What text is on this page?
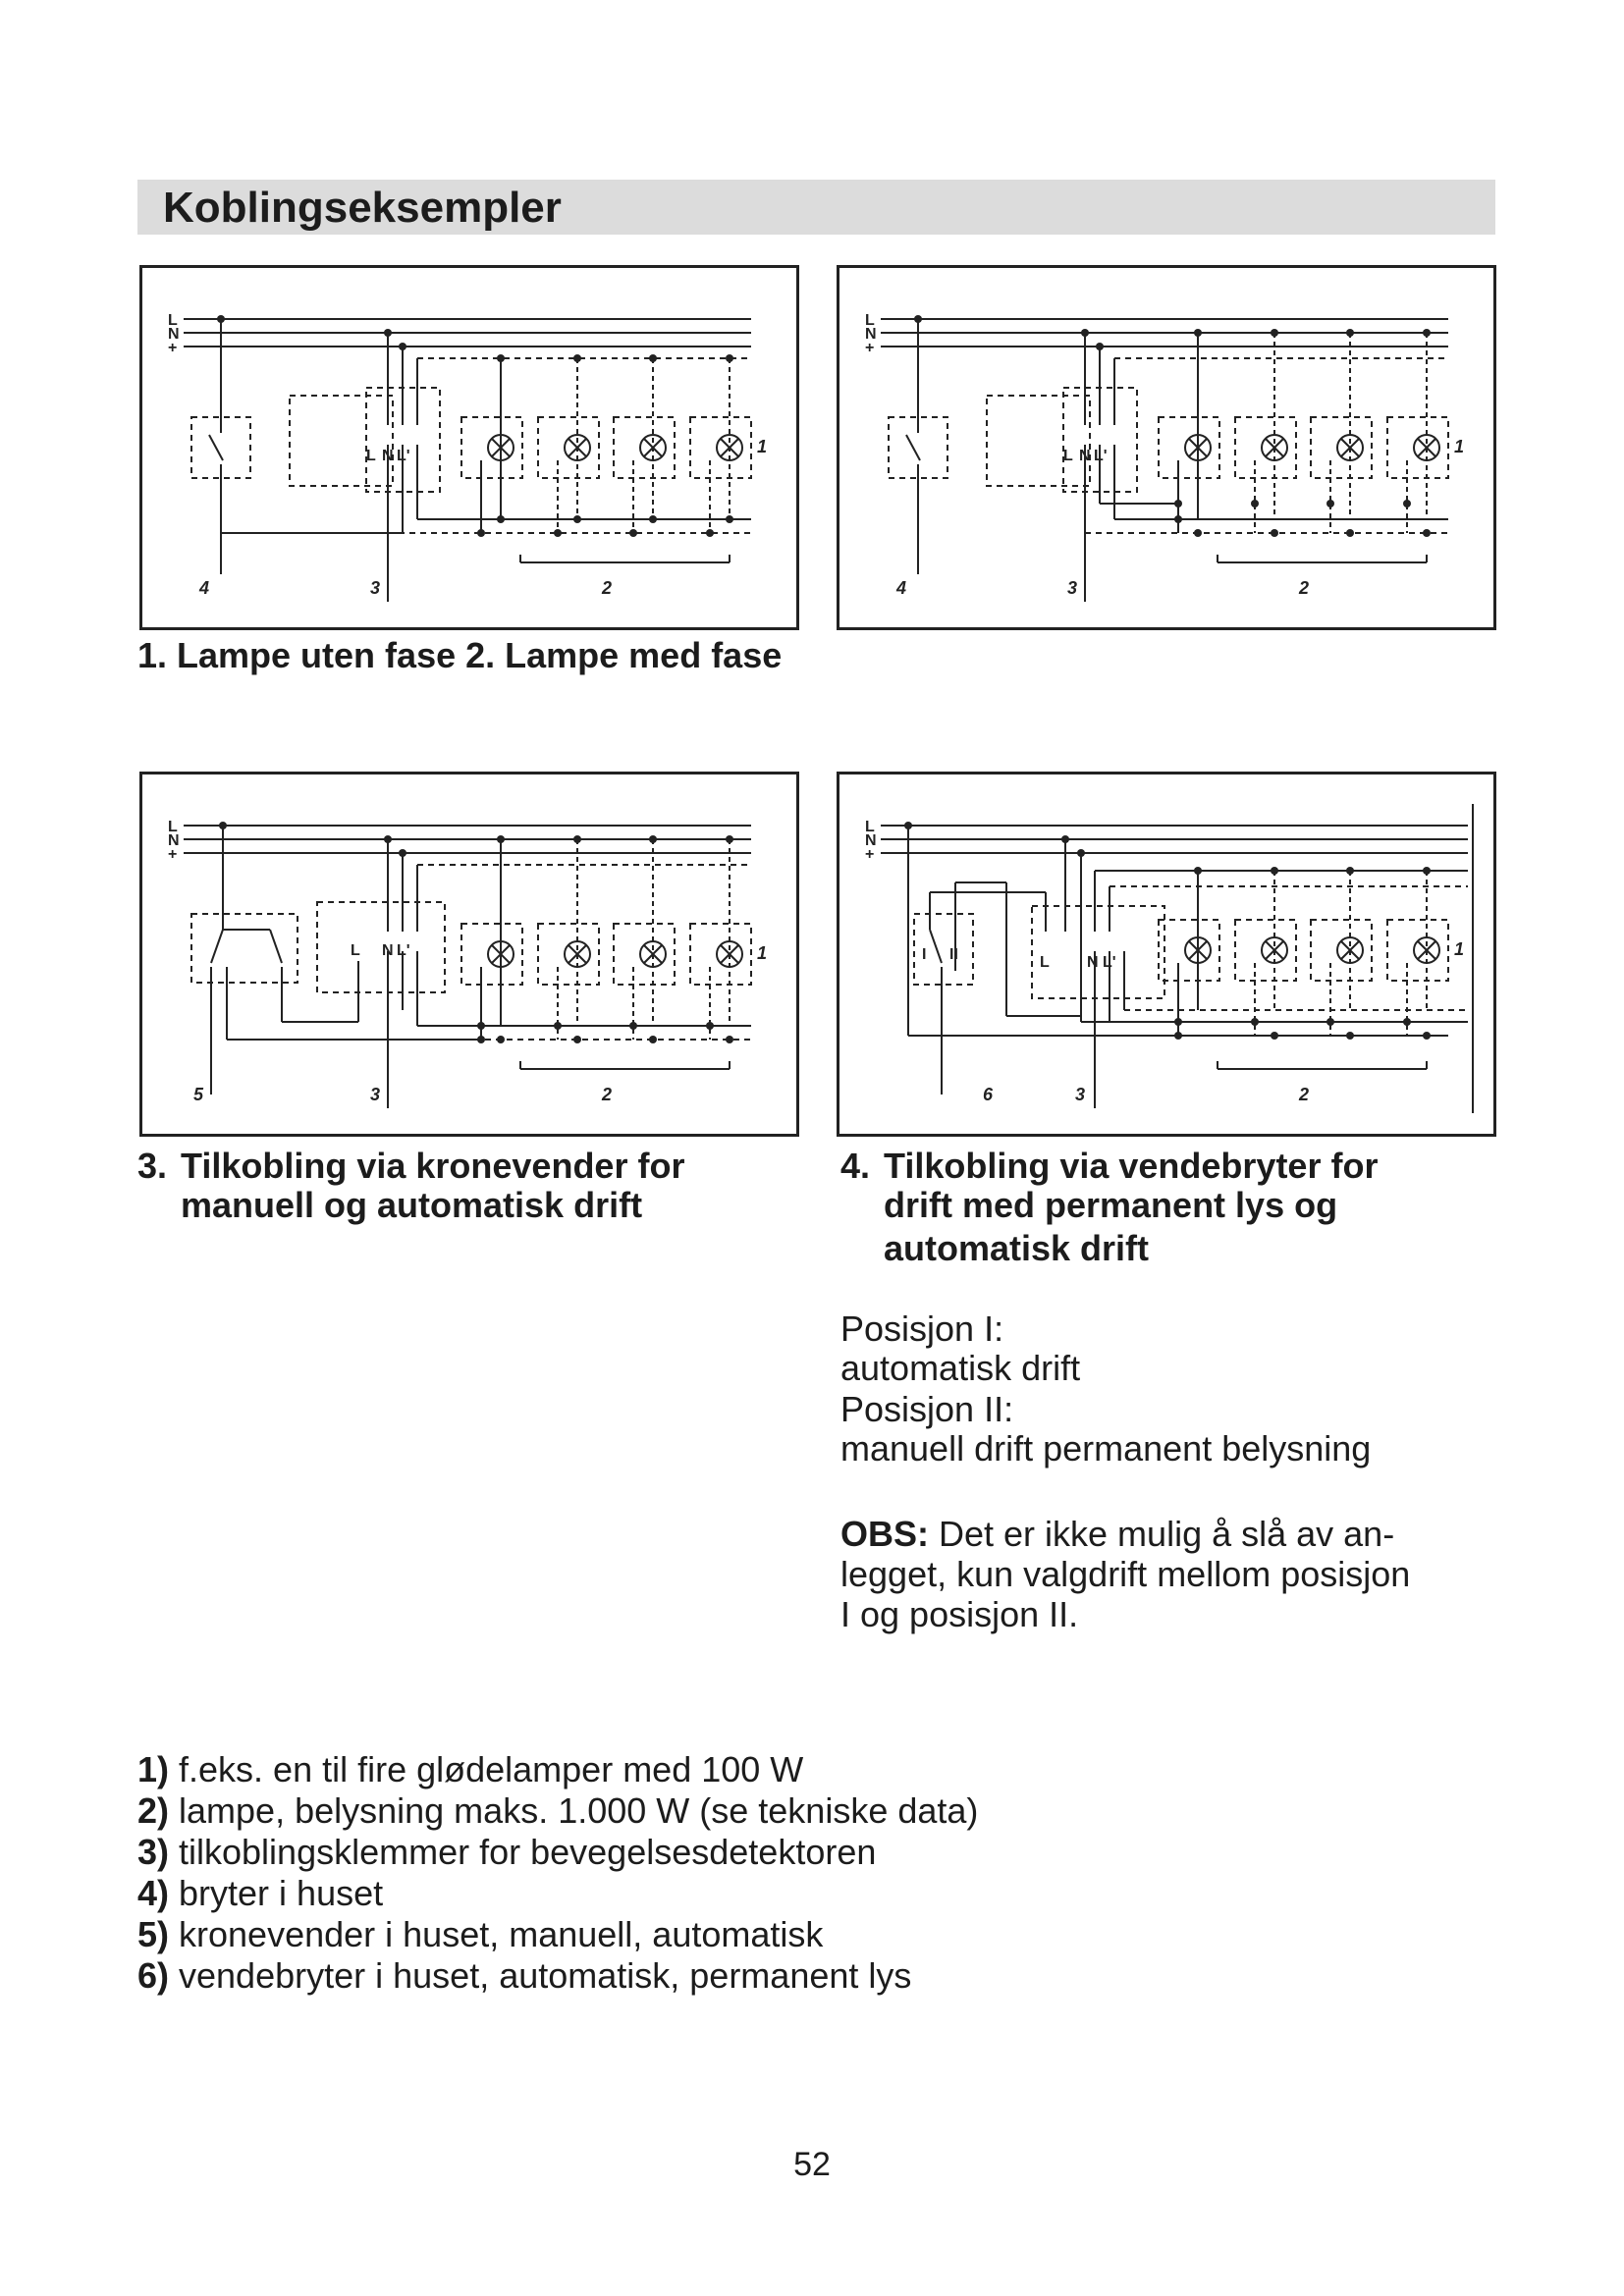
Koblingseksempler
L
N
+
L N L'
4	3	2
1
L
N
+
L N L'
4	3	2
1
1. Lampe uten fase 2. Lampe med fase
L
N
+
L N L'
5	3	2
1
L
N
+
I II	L N L'
6	3	2
1
3. Tilkobling via kronevender for
manuell og automatisk drift
4. Tilkobling via vendebryter for
drift med permanent lys og
automatisk drift
Posisjon I:
automatisk drift
Posisjon II:
manuell drift permanent belysning
OBS: Det er ikke mulig å slå av an-
legget, kun valgdrift mellom posisjon
I og posisjon II.
1) f.eks. en til fire glødelamper med 100 W
2) lampe, belysning maks. 1.000 W (se tekniske data)
3) tilkoblingsklemmer for bevegelsesdetektoren
4) bryter i huset
5) kronevender i huset, manuell, automatisk
6) vendebryter i huset, automatisk, permanent lys
52
